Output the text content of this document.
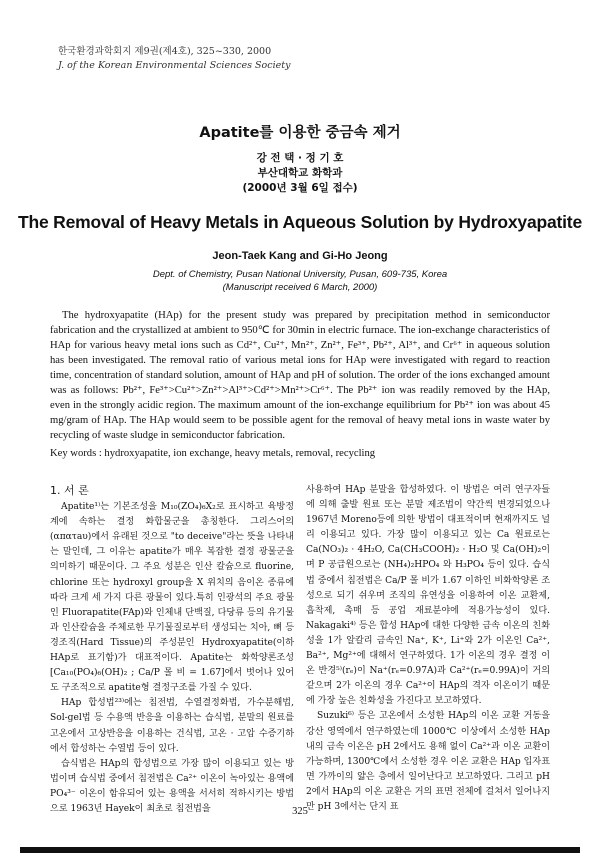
한국환경과학회지 제9권(제4호), 325~330, 2000
J. of the Korean Environmental Sciences Society
Apatite를 이용한 중금속 제거
강 전 택 · 정 기 호
부산대학교 화학과
(2000년 3월 6일 접수)
The Removal of Heavy Metals in Aqueous Solution by Hydroxyapatite
Jeon-Taek Kang and Gi-Ho Jeong
Dept. of Chemistry, Pusan National University, Pusan, 609-735, Korea
(Manuscript received 6 March, 2000)

The hydroxyapatite (HAp) for the present study was prepared by precipitation method in semiconductor fabrication and the crystallized at ambient to 950℃ for 30min in electric furnace. The ion-exchange characteristics of HAp for various heavy metal ions such as Cd²⁺, Cu²⁺, Mn²⁺, Zn²⁺, Fe³⁺, Pb²⁺, Al³⁺, and Cr⁶⁺ in aqueous solution has been investigated. The removal ratio of various metal ions for HAp were investigated with regard to reaction time, concentration of standard solution, amount of HAp and pH of solution. The order of the ions exchanged amount was as follows: Pb²⁺, Fe³⁺>Cu²⁺>Zn²⁺>Al³⁺>Cd²⁺>Mn²⁺>Cr⁶⁺. The Pb²⁺ ion was readily removed by the HAp, even in the strongly acidic region. The maximum amount of the ion-exchange equilibrium for Pb²⁺ ion was about 45 mg/gram of HAp. The HAp would seem to be possible agent for the removal of heavy metal ions in waste water by recycling of waste sludge in semiconductor fabrication.

Key words : hydroxyapatite, ion exchange, heavy metals, removal, recycling

1. 서 론

Apatite¹⁾는 기본조성을 M₁₀(ZO₄)₆X₂로 표시하고 육방정계에 속하는 결정 화합물군을 총칭한다. 그리스어의 (απατaυ)에서 유래된 것으로 "to deceive"라는 뜻을 나타내는 말인데, 그 이유는 apatite가 매우 복잡한 결정 광물군을 의미하기 때문이다. 그 주요 성분은 인산 칼슘으로 fluorine, chlorine 또는 hydroxyl group을 X 위치의 음이온 종류에 따라 크게 세 가지 다른 광물이 있다.특히 인광석의 주요 광물인 Fluorapatite(FAp)와 인체내 단백질, 다당류 등의 유기물과 인산칼슘을 주체로한 무기물질로부터 생성되는 치아, 뼈 등 경조직(Hard Tissue)의 주성분인 Hydroxyapatite(이하 HAp로 표기함)가 대표적이다. Apatite는 화학양론조성[Ca₁₀(PO₄)₆(OH)₂ ; Ca/P 몰 비 = 1.67]에서 벗어나 있어도 구조적으로 apatite형 결정구조를 가질 수 있다.

HAp 합성법²³⁾에는 침전법, 수열결정화법, 가수분해법, Sol-gel법 등 수용액 반응을 이용하는 습식법, 분말의 원료를 고온에서 고상반응을 이용하는 건식법, 고온 · 고압 수증기하에서 합성하는 수열법 등이 있다.

습식법은 HAp의 합성법으로 가장 많이 이용되고 있는 방법이며 습식법 중에서 침전법은 Ca²⁺ 이온이 녹아있는 용액에 PO₄³⁻ 이온이 함유되어 있는 용액을 서서히 적하시키는 방법으로 1963년 Hayek이 최초로 침전법을

사용하여 HAp 분말을 합성하였다. 이 방법은 여러 연구자들에 의해 출발 원료 또는 분말 제조법이 약간씩 변경되었으나 1967년 Moreno등에 의한 방법이 대표적이며 현재까지도 널리 이용되고 있다. 가장 많이 이용되고 있는 Ca 원료로는 Ca(NO₃)₂ · 4H₂O, Ca(CH₃COOH)₂ · H₂O 및 Ca(OH)₂이며 P 공급원으로는 (NH₄)₂HPO₄ 와 H₃PO₄ 등이 있다. 습식법 중에서 침전법은 Ca/P 몰 비가 1.67 이하인 비화학양론 조성으로 되기 쉬우며 조직의 유연성을 이용하여 이온 교환제, 흡착제, 촉매 등 공업 재료분야에 적용가능성이 있다. Nakagaki⁴⁾ 등은 합성 HAp에 대한 다양한 금속 이온의 친화성을 1가 알칼리 금속인 Na⁺, K⁺, Li⁺와 2가 이온인 Ca²⁺, Ba²⁺, Mg²⁺에 대해서 연구하였다. 1가 이온의 경우 결정 이온 반경⁵⁾(rₑ)이 Na⁺(rₑ=0.97A)과 Ca²⁺(rₑ=0.99A)이 거의 같으며 2가 이온의 경우 Ca²⁺이 HAp의 격자 이온이기 때문에 가장 높은 친화성을 가진다고 보고하였다.

Suzuki⁶⁾ 등은 고온에서 소성한 HAp의 이온 교환 거동을 강산 영역에서 연구하였는데 1000℃ 이상에서 소성한 HAp 내의 금속 이온은 pH 2에서도 용해 없이 Ca²⁺과 이온 교환이 가능하며, 1300℃에서 소성한 경우 이온 교환은 HAp 입자표면 가까이의 얇은 층에서 일어난다고 보고하였다. 그리고 pH 2에서 HAp의 이온 교환은 거의 표면 전체에 걸쳐서 일어나지만 pH 3에서는 단지 표

325
